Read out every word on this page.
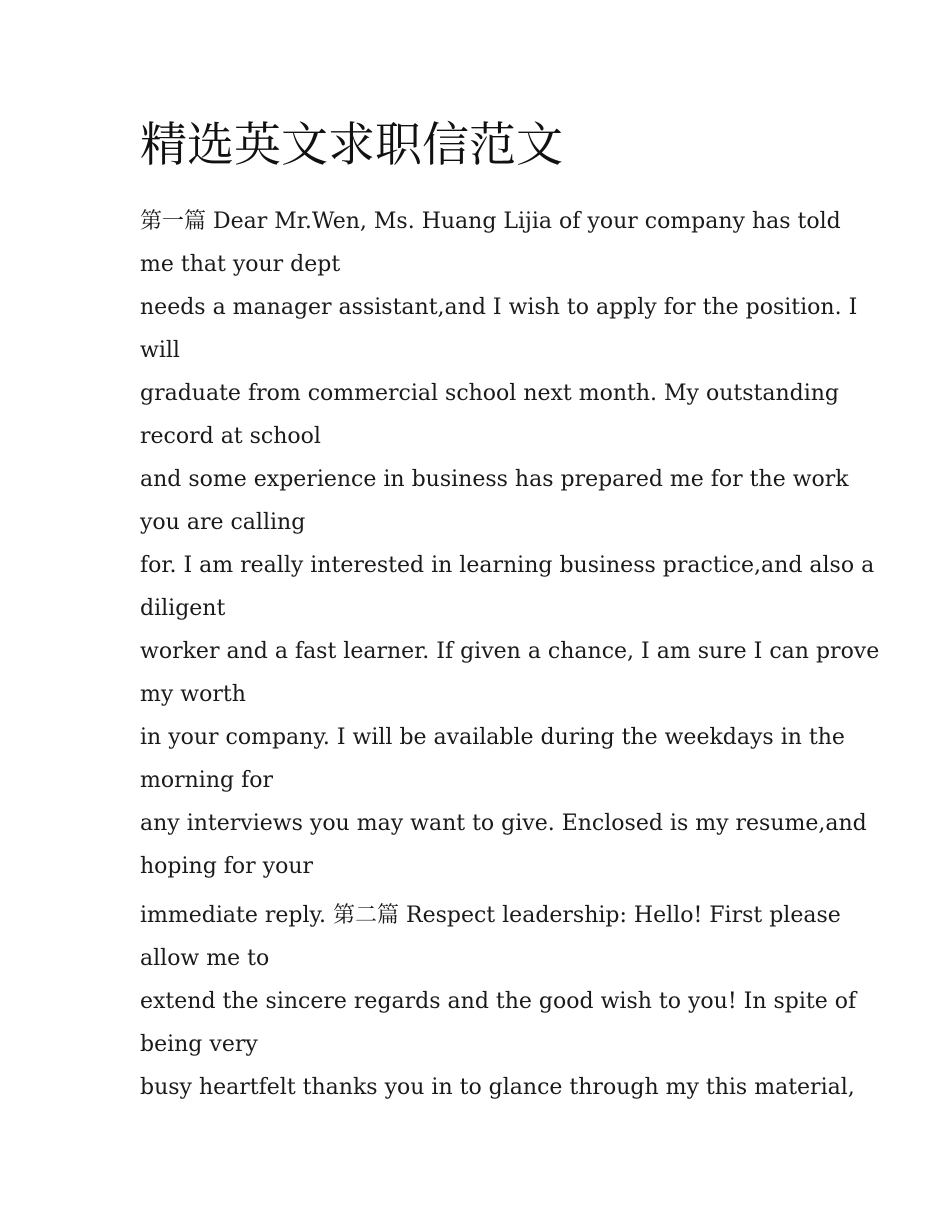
精选英文求职信范文

第一篇 Dear Mr.Wen, Ms. Huang Lijia of your company has told
me that your dept
needs a manager assistant,and I wish to apply for the position. I
will
graduate from commercial school next month. My outstanding
record at school
and some experience in business has prepared me for the work
you are calling
for. I am really interested in learning business practice,and also a
diligent
worker and a fast learner. If given a chance, I am sure I can prove
my worth
in your company. I will be available during the weekdays in the
morning for
any interviews you may want to give. Enclosed is my resume,and
hoping for your

immediate reply. 第二篇 Respect leadership: Hello! First please
allow me to
extend the sincere regards and the good wish to you! In spite of
being very
busy heartfelt thanks you in to glance through my this material,
